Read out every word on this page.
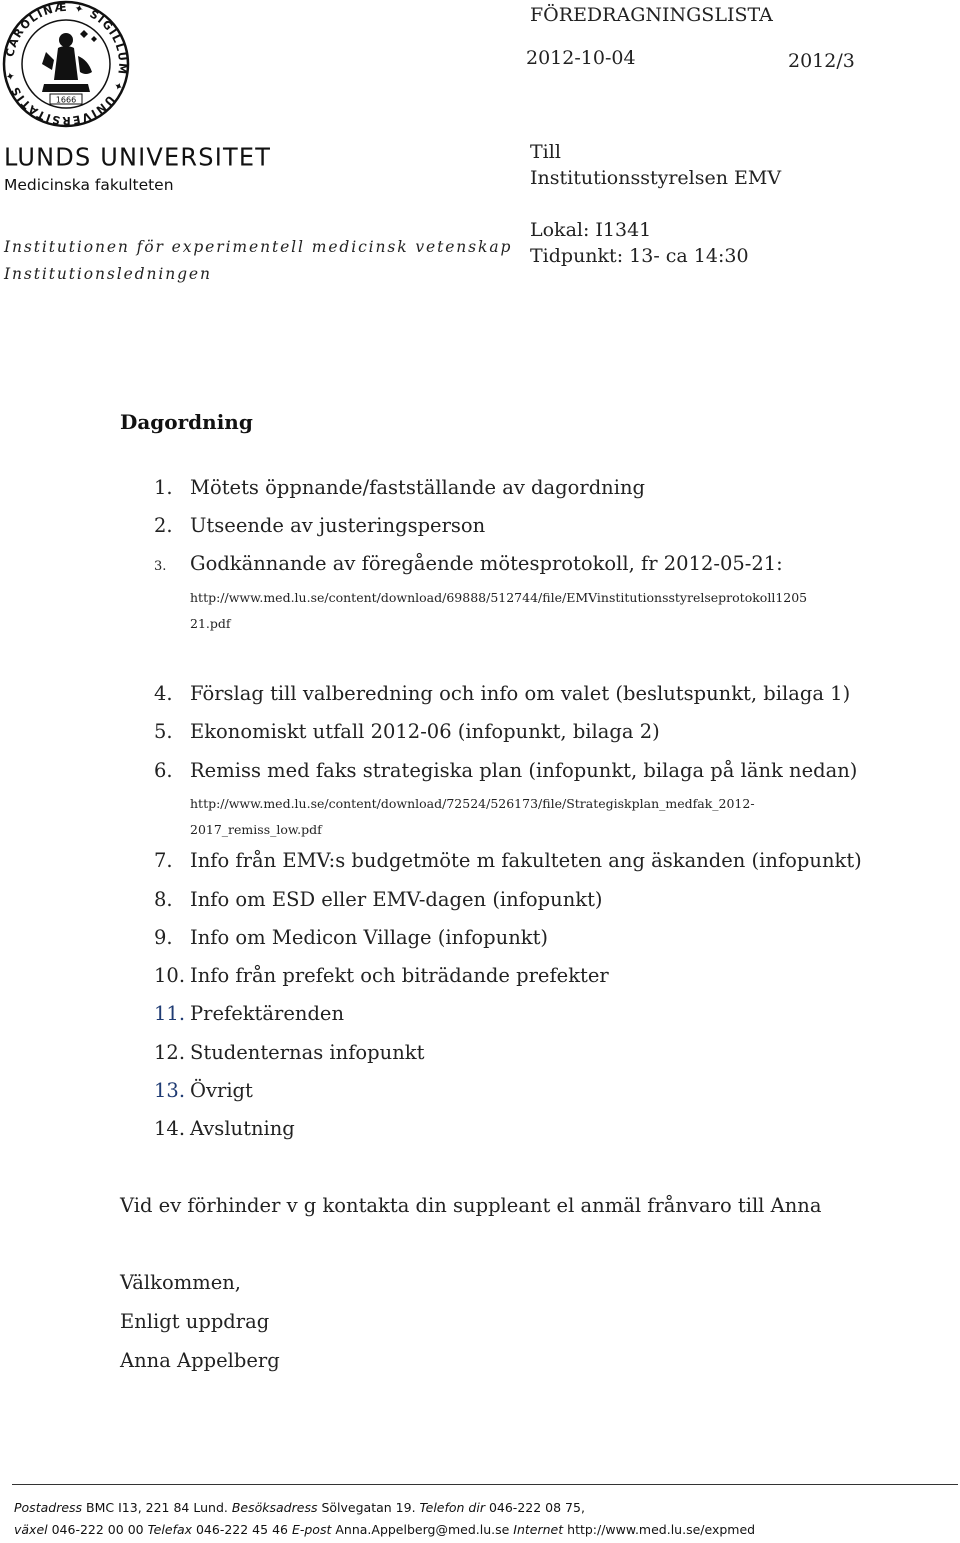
CAROLINÆ ✦ SIGILLUM ✦ UNIVERSITATIS ✦
1666
LUNDS UNIVERSITET
Medicinska fakulteten
Institutionen för experimentell medicinsk vetenskap
Institutionsledningen
FÖREDRAGNINGSLISTA
2012-10-04	2012/3
Till
Institutionsstyrelsen EMV
Lokal: I1341
Tidpunkt: 13- ca 14:30
Dagordning
1. Mötets öppnande/fastställande av dagordning
2. Utseende av justeringsperson
3. Godkännande av föregående mötesprotokoll, fr 2012-05-21:
http://www.med.lu.se/content/download/69888/512744/file/EMVinstitutionsstyrelseprotokoll1205
21.pdf
4. Förslag till valberedning och info om valet (beslutspunkt, bilaga 1)
5. Ekonomiskt utfall 2012-06 (infopunkt, bilaga 2)
6. Remiss med faks strategiska plan (infopunkt, bilaga på länk nedan)
http://www.med.lu.se/content/download/72524/526173/file/Strategiskplan_medfak_2012-
2017_remiss_low.pdf
7. Info från EMV:s budgetmöte m fakulteten ang äskanden (infopunkt)
8. Info om ESD eller EMV-dagen (infopunkt)
9. Info om Medicon Village (infopunkt)
10. Info från prefekt och biträdande prefekter
11. Prefektärenden
12. Studenternas infopunkt
13. Övrigt
14. Avslutning
Vid ev förhinder v g kontakta din suppleant el anmäl frånvaro till Anna
Välkommen,
Enligt uppdrag
Anna Appelberg
Postadress BMC I13, 221 84 Lund. Besöksadress Sölvegatan 19. Telefon dir 046-222 08 75,
växel 046-222 00 00 Telefax 046-222 45 46 E-post Anna.Appelberg@med.lu.se Internet http://www.med.lu.se/expmed
